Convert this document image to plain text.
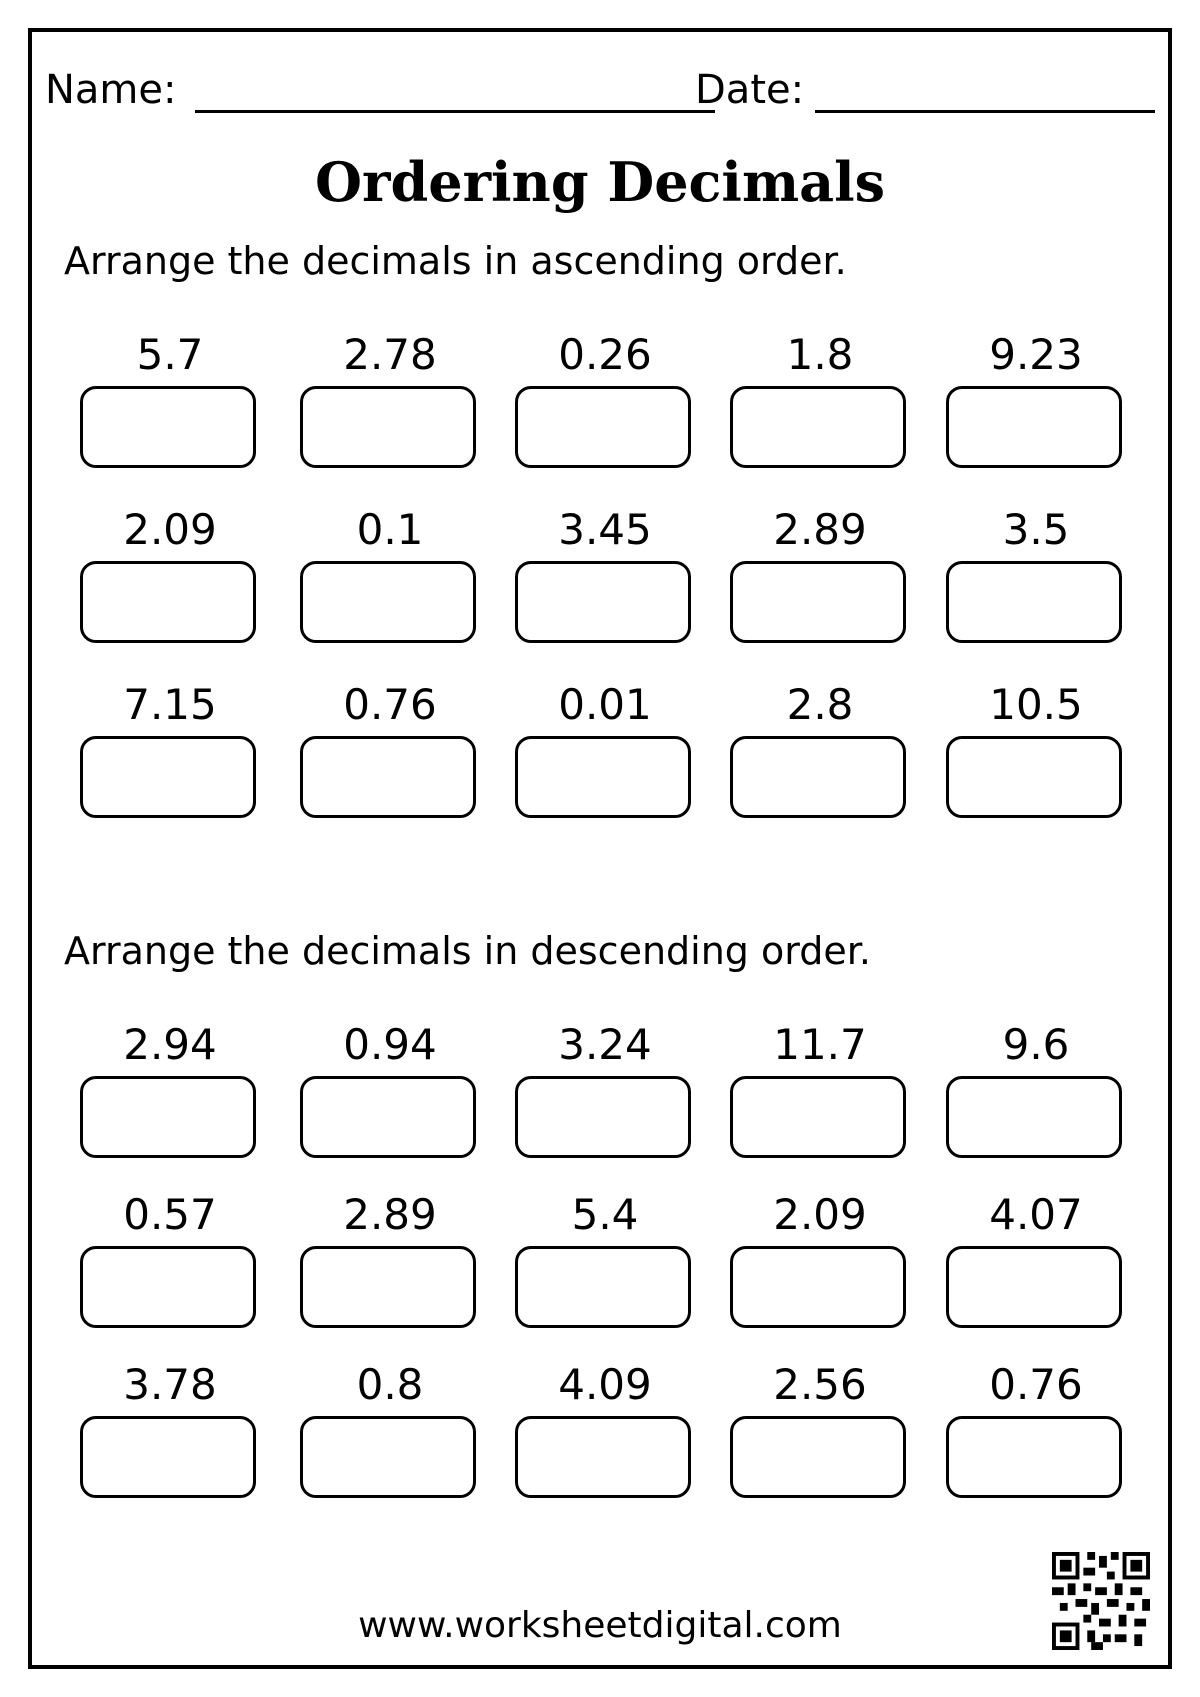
Name:	Date:
Ordering Decimals
Arrange the decimals in ascending order.
Arrange the decimals in descending order.
5.7	2.78	0.26	1.8	9.23
2.09	0.1	3.45	2.89	3.5
7.15	0.76	0.01	2.8	10.5
2.94	0.94	3.24	11.7	9.6
0.57	2.89	5.4	2.09	4.07
3.78	0.8	4.09	2.56	0.76
www.worksheetdigital.com
